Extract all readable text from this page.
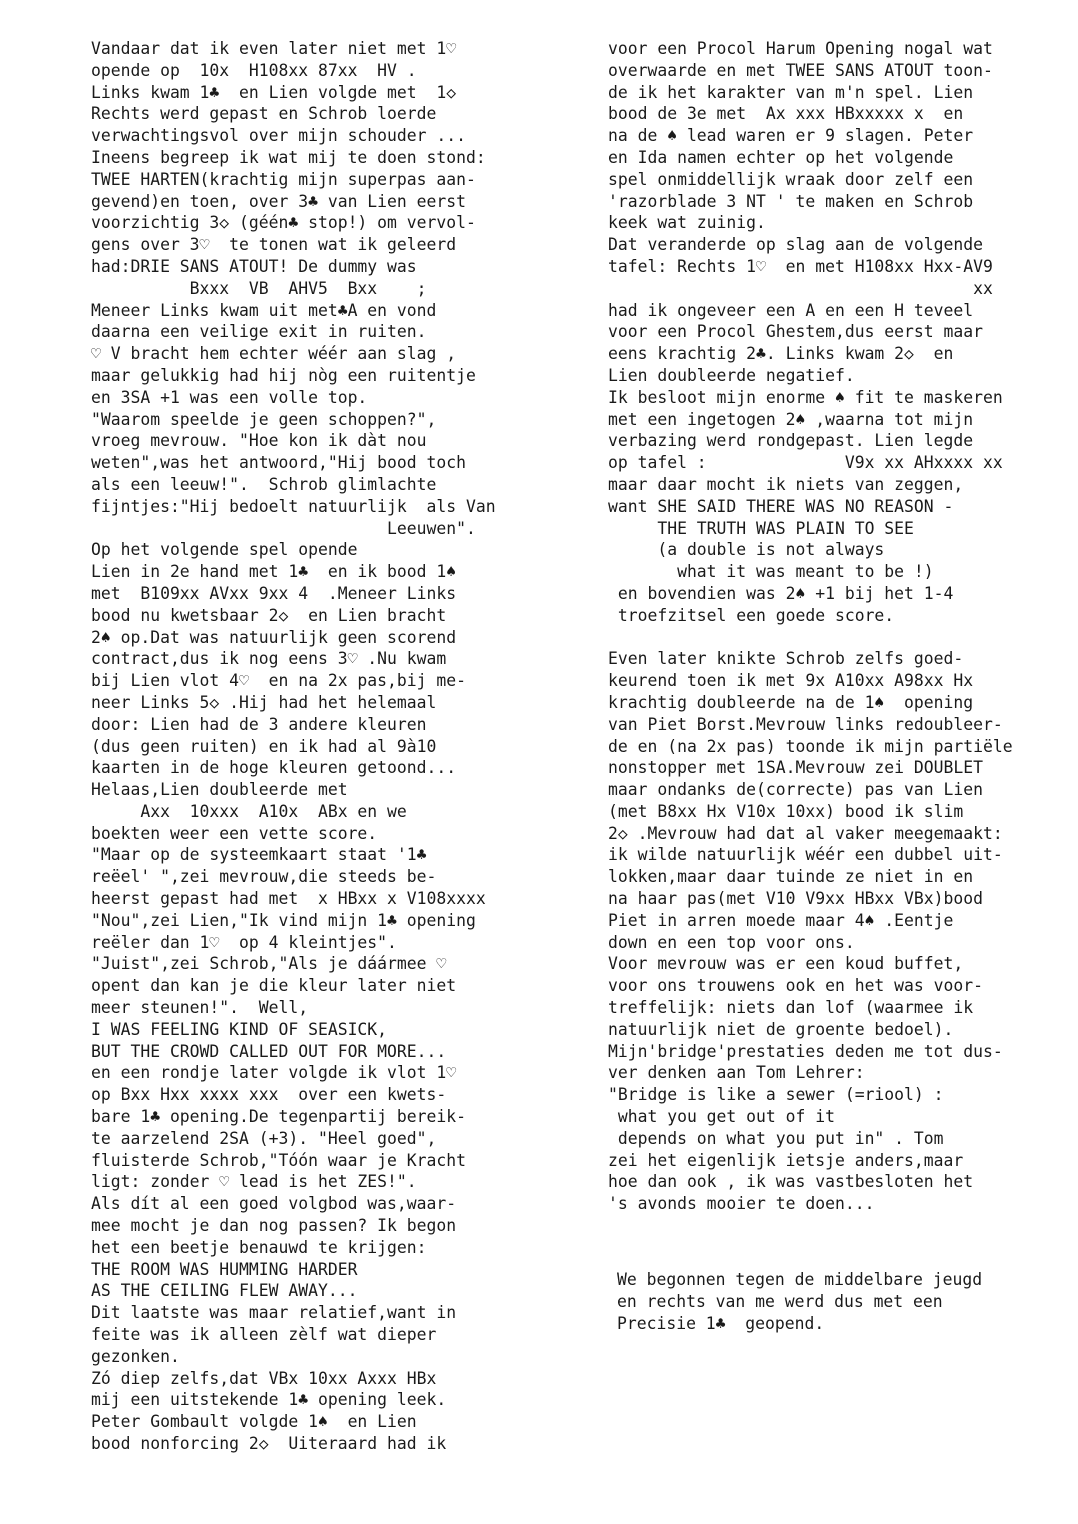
Vandaar dat ik even later niet met 1♡
opende op  10x  H108xx 87xx  HV .
Links kwam 1♣  en Lien volgde met  1◇
Rechts werd gepast en Schrob loerde
verwachtingsvol over mijn schouder ...
Ineens begreep ik wat mij te doen stond:
TWEE HARTEN(krachtig mijn superpas aan-
gevend)en toen, over 3♣ van Lien eerst
voorzichtig 3◇ (géén♣ stop!) om vervol-
gens over 3♡  te tonen wat ik geleerd
had:DRIE SANS ATOUT! De dummy was
Bxxx  VB  AHV5  Bxx    ;
Meneer Links kwam uit met♣A en vond
daarna een veilige exit in ruiten.
♡ V bracht hem echter wéér aan slag ,
maar gelukkig had hij nòg een ruitentje
en 3SA +1 was een volle top.
"Waarom speelde je geen schoppen?",
vroeg mevrouw. "Hoe kon ik dàt nou
weten",was het antwoord,"Hij bood toch
als een leeuw!".  Schrob glimlachte
fijntjes:"Hij bedoelt natuurlijk  als Van
Leeuwen".
Op het volgende spel opende
Lien in 2e hand met 1♣  en ik bood 1♠
met  B109xx AVxx 9xx 4  .Meneer Links
bood nu kwetsbaar 2◇  en Lien bracht
2♠ op.Dat was natuurlijk geen scorend
contract,dus ik nog eens 3♡ .Nu kwam
bij Lien vlot 4♡  en na 2x pas,bij me-
neer Links 5◇ .Hij had het helemaal
door: Lien had de 3 andere kleuren
(dus geen ruiten) en ik had al 9à10
kaarten in de hoge kleuren getoond...
Helaas,Lien doubleerde met
Axx  10xxx  A10x  ABx en we
boekten weer een vette score.
"Maar op de systeemkaart staat '1♣
reëel' ",zei mevrouw,die steeds be-
heerst gepast had met  x HBxx x V108xxxx
"Nou",zei Lien,"Ik vind mijn 1♣ opening
reëler dan 1♡  op 4 kleintjes".
"Juist",zei Schrob,"Als je dáármee ♡
opent dan kan je die kleur later niet
meer steunen!".  Well,
I WAS FEELING KIND OF SEASICK,
BUT THE CROWD CALLED OUT FOR MORE...
en een rondje later volgde ik vlot 1♡
op Bxx Hxx xxxx xxx  over een kwets-
bare 1♣ opening.De tegenpartij bereik-
te aarzelend 2SA (+3). "Heel goed",
fluisterde Schrob,"Tóón waar je Kracht
ligt: zonder ♡ lead is het ZES!".
Als dít al een goed volgbod was,waar-
mee mocht je dan nog passen? Ik begon
het een beetje benauwd te krijgen:
THE ROOM WAS HUMMING HARDER
AS THE CEILING FLEW AWAY...
Dit laatste was maar relatief,want in
feite was ik alleen zèlf wat dieper
gezonken.
Zó diep zelfs,dat VBx 10xx Axxx HBx
mij een uitstekende 1♣ opening leek.
Peter Gombault volgde 1♠  en Lien
bood nonforcing 2◇  Uiteraard had ik
voor een Procol Harum Opening nogal wat
overwaarde en met TWEE SANS ATOUT toon-
de ik het karakter van m'n spel. Lien
bood de 3e met  Ax xxx HBxxxxx x  en
na de ♠ lead waren er 9 slagen. Peter
en Ida namen echter op het volgende
spel onmiddellijk wraak door zelf een
'razorblade 3 NT ' te maken en Schrob
keek wat zuinig.
Dat veranderde op slag aan de volgende
tafel: Rechts 1♡  en met H108xx Hxx-AV9
xx
had ik ongeveer een A en een H teveel
voor een Procol Ghestem,dus eerst maar
eens krachtig 2♣. Links kwam 2◇  en
Lien doubleerde negatief.
Ik besloot mijn enorme ♠ fit te maskeren
met een ingetogen 2♠ ,waarna tot mijn
verbazing werd rondgepast. Lien legde
op tafel :              V9x xx AHxxxx xx
maar daar mocht ik niets van zeggen,
want SHE SAID THERE WAS NO REASON -
THE TRUTH WAS PLAIN TO SEE
(a double is not always
what it was meant to be !)
en bovendien was 2♠ +1 bij het 1-4
troefzitsel een goede score.
Even later knikte Schrob zelfs goed-
keurend toen ik met 9x A10xx A98xx Hx
krachtig doubleerde na de 1♠  opening
van Piet Borst.Mevrouw links redoubleer-
de en (na 2x pas) toonde ik mijn partiële
nonstopper met 1SA.Mevrouw zei DOUBLET
maar ondanks de(correcte) pas van Lien
(met B8xx Hx V10x 10xx) bood ik slim
2◇ .Mevrouw had dat al vaker meegemaakt:
ik wilde natuurlijk wéér een dubbel uit-
lokken,maar daar tuinde ze niet in en
na haar pas(met V10 V9xx HBxx VBx)bood
Piet in arren moede maar 4♠ .Eentje
down en een top voor ons.
Voor mevrouw was er een koud buffet,
voor ons trouwens ook en het was voor-
treffelijk: niets dan lof (waarmee ik
natuurlijk niet de groente bedoel).
Mijn'bridge'prestaties deden me tot dus-
ver denken aan Tom Lehrer:
"Bridge is like a sewer (=riool) :
what you get out of it
depends on what you put in" . Tom
zei het eigenlijk ietsje anders,maar
hoe dan ook , ik was vastbesloten het
's avonds mooier te doen...
We begonnen tegen de middelbare jeugd
en rechts van me werd dus met een
Precisie 1♣  geopend.
